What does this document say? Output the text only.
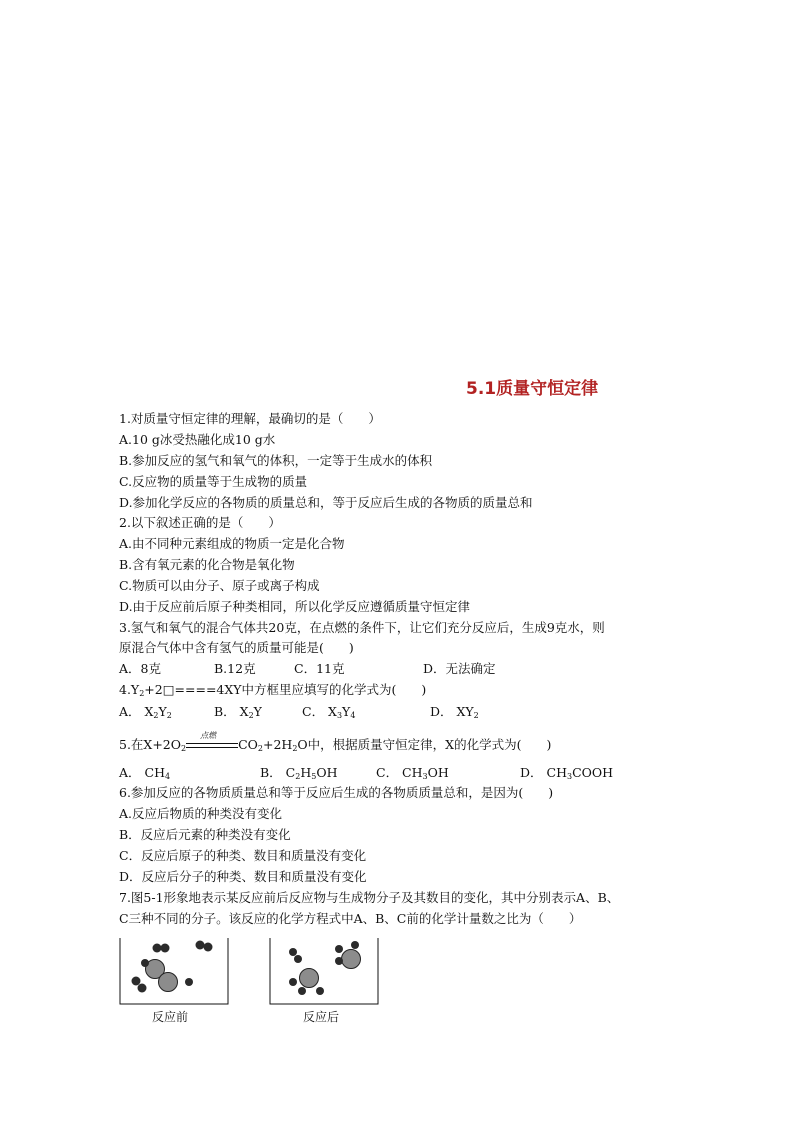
5.1质量守恒定律
1.对质量守恒定律的理解，最确切的是（　　）
A.10 g冰受热融化成10 g水
B.参加反应的氢气和氧气的体积，一定等于生成水的体积
C.反应物的质量等于生成物的质量
D.参加化学反应的各物质的质量总和，等于反应后生成的各物质的质量总和
2.以下叙述正确的是（　　）
A.由不同种元素组成的物质一定是化合物
B.含有氧元素的化合物是氧化物
C.物质可以由分子、原子或离子构成
D.由于反应前后原子种类相同，所以化学反应遵循质量守恒定律
3.氢气和氧气的混合气体共20克，在点燃的条件下，让它们充分反应后，生成9克水，则
原混合气体中含有氢气的质量可能是(　　)
A．8克	B.12克	C．11克	D．无法确定
$4.Y_2+2□====4XY$中方框里应填写的化学式为(　　)
A． $X_2Y_2$	B． $X_2Y$	C． $X_3Y_4$	D． $XY_2$
5.在$X+2O_2$
点燃
$CO_2+2H_2O$中，根据质量守恒定律，X的化学式为(　　)
A． $CH_4$	B． $C_2H_5OH$	C． $CH_3OH$	D． $CH_3COOH$
6.参加反应的各物质质量总和等于反应后生成的各物质质量总和，是因为(　　)
A.反应后物质的种类没有变化
B．反应后元素的种类没有变化
C．反应后原子的种类、数目和质量没有变化
D．反应后分子的种类、数目和质量没有变化
7.图5-1形象地表示某反应前后反应物与生成物分子及其数目的变化，其中分别表示A、B、
C三种不同的分子。该反应的化学方程式中A、B、C前的化学计量数之比为（　　）
反应前	反应后
